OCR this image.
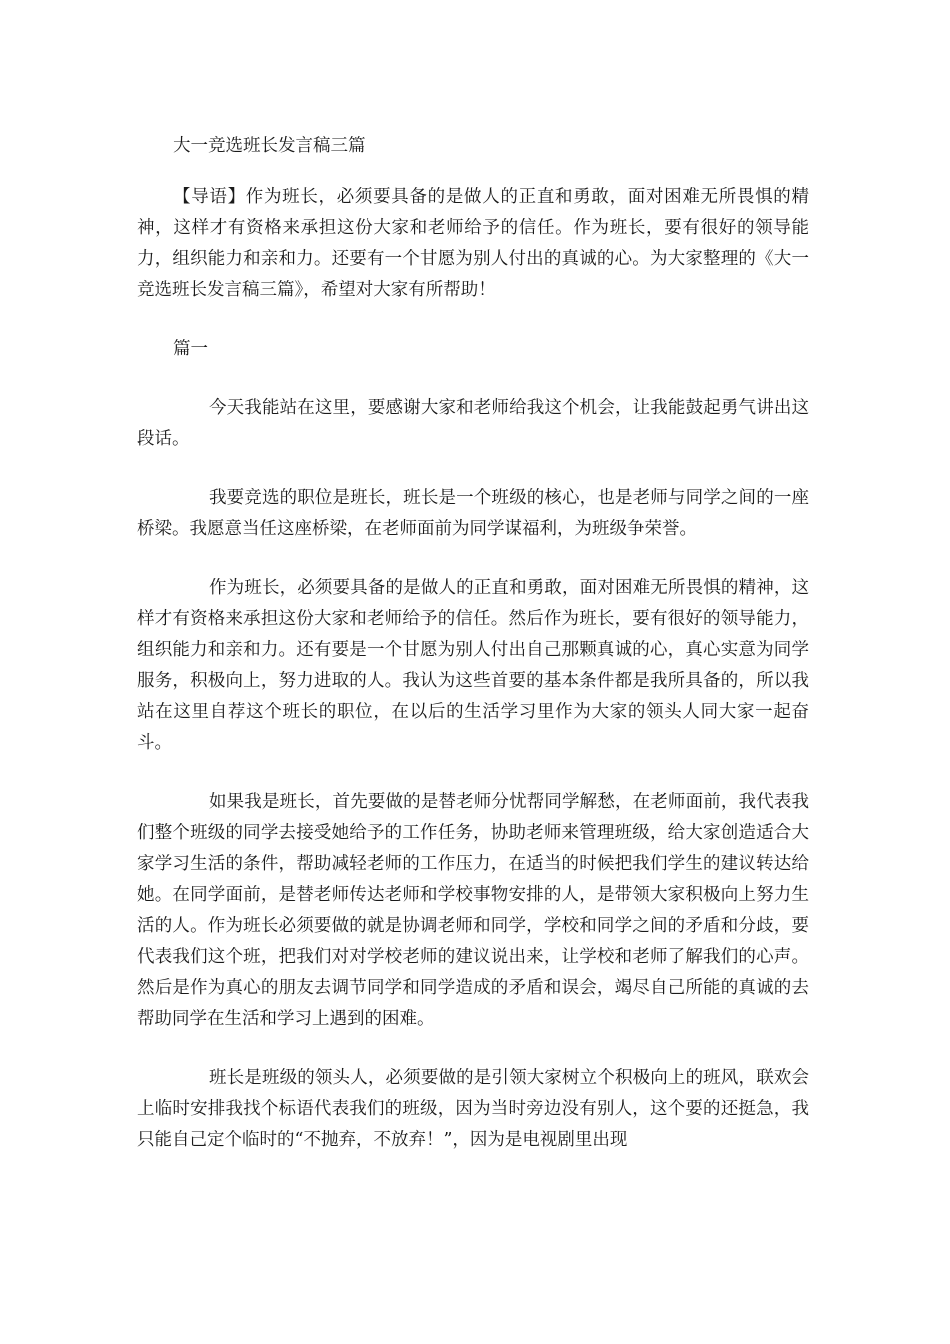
大一竞选班长发言稿三篇

【导语】作为班长，必须要具备的是做人的正直和勇敢，面对困难无所畏惧的精神，这样才有资格来承担这份大家和老师给予的信任。作为班长，要有很好的领导能力，组织能力和亲和力。还要有一个甘愿为别人付出的真诚的心。为大家整理的《大一竞选班长发言稿三篇》，希望对大家有所帮助！

篇一

今天我能站在这里，要感谢大家和老师给我这个机会，让我能鼓起勇气讲出这段话。

我要竞选的职位是班长，班长是一个班级的核心，也是老师与同学之间的一座桥梁。我愿意当任这座桥梁，在老师面前为同学谋福利，为班级争荣誉。

作为班长，必须要具备的是做人的正直和勇敢，面对困难无所畏惧的精神，这样才有资格来承担这份大家和老师给予的信任。然后作为班长，要有很好的领导能力，组织能力和亲和力。还有要是一个甘愿为别人付出自己那颗真诚的心，真心实意为同学服务，积极向上，努力进取的人。我认为这些首要的基本条件都是我所具备的，所以我站在这里自荐这个班长的职位，在以后的生活学习里作为大家的领头人同大家一起奋斗。

如果我是班长，首先要做的是替老师分忧帮同学解愁，在老师面前，我代表我们整个班级的同学去接受她给予的工作任务，协助老师来管理班级，给大家创造适合大家学习生活的条件，帮助减轻老师的工作压力，在适当的时候把我们学生的建议转达给她。在同学面前，是替老师传达老师和学校事物安排的人，是带领大家积极向上努力生活的人。作为班长必须要做的就是协调老师和同学，学校和同学之间的矛盾和分歧，要代表我们这个班，把我们对对学校老师的建议说出来，让学校和老师了解我们的心声。然后是作为真心的朋友去调节同学和同学造成的矛盾和误会，竭尽自己所能的真诚的去帮助同学在生活和学习上遇到的困难。

班长是班级的领头人，必须要做的是引领大家树立个积极向上的班风，联欢会上临时安排我找个标语代表我们的班级，因为当时旁边没有别人，这个要的还挺急，我只能自己定个临时的“不抛弃，不放弃！”，因为是电视剧里出现
